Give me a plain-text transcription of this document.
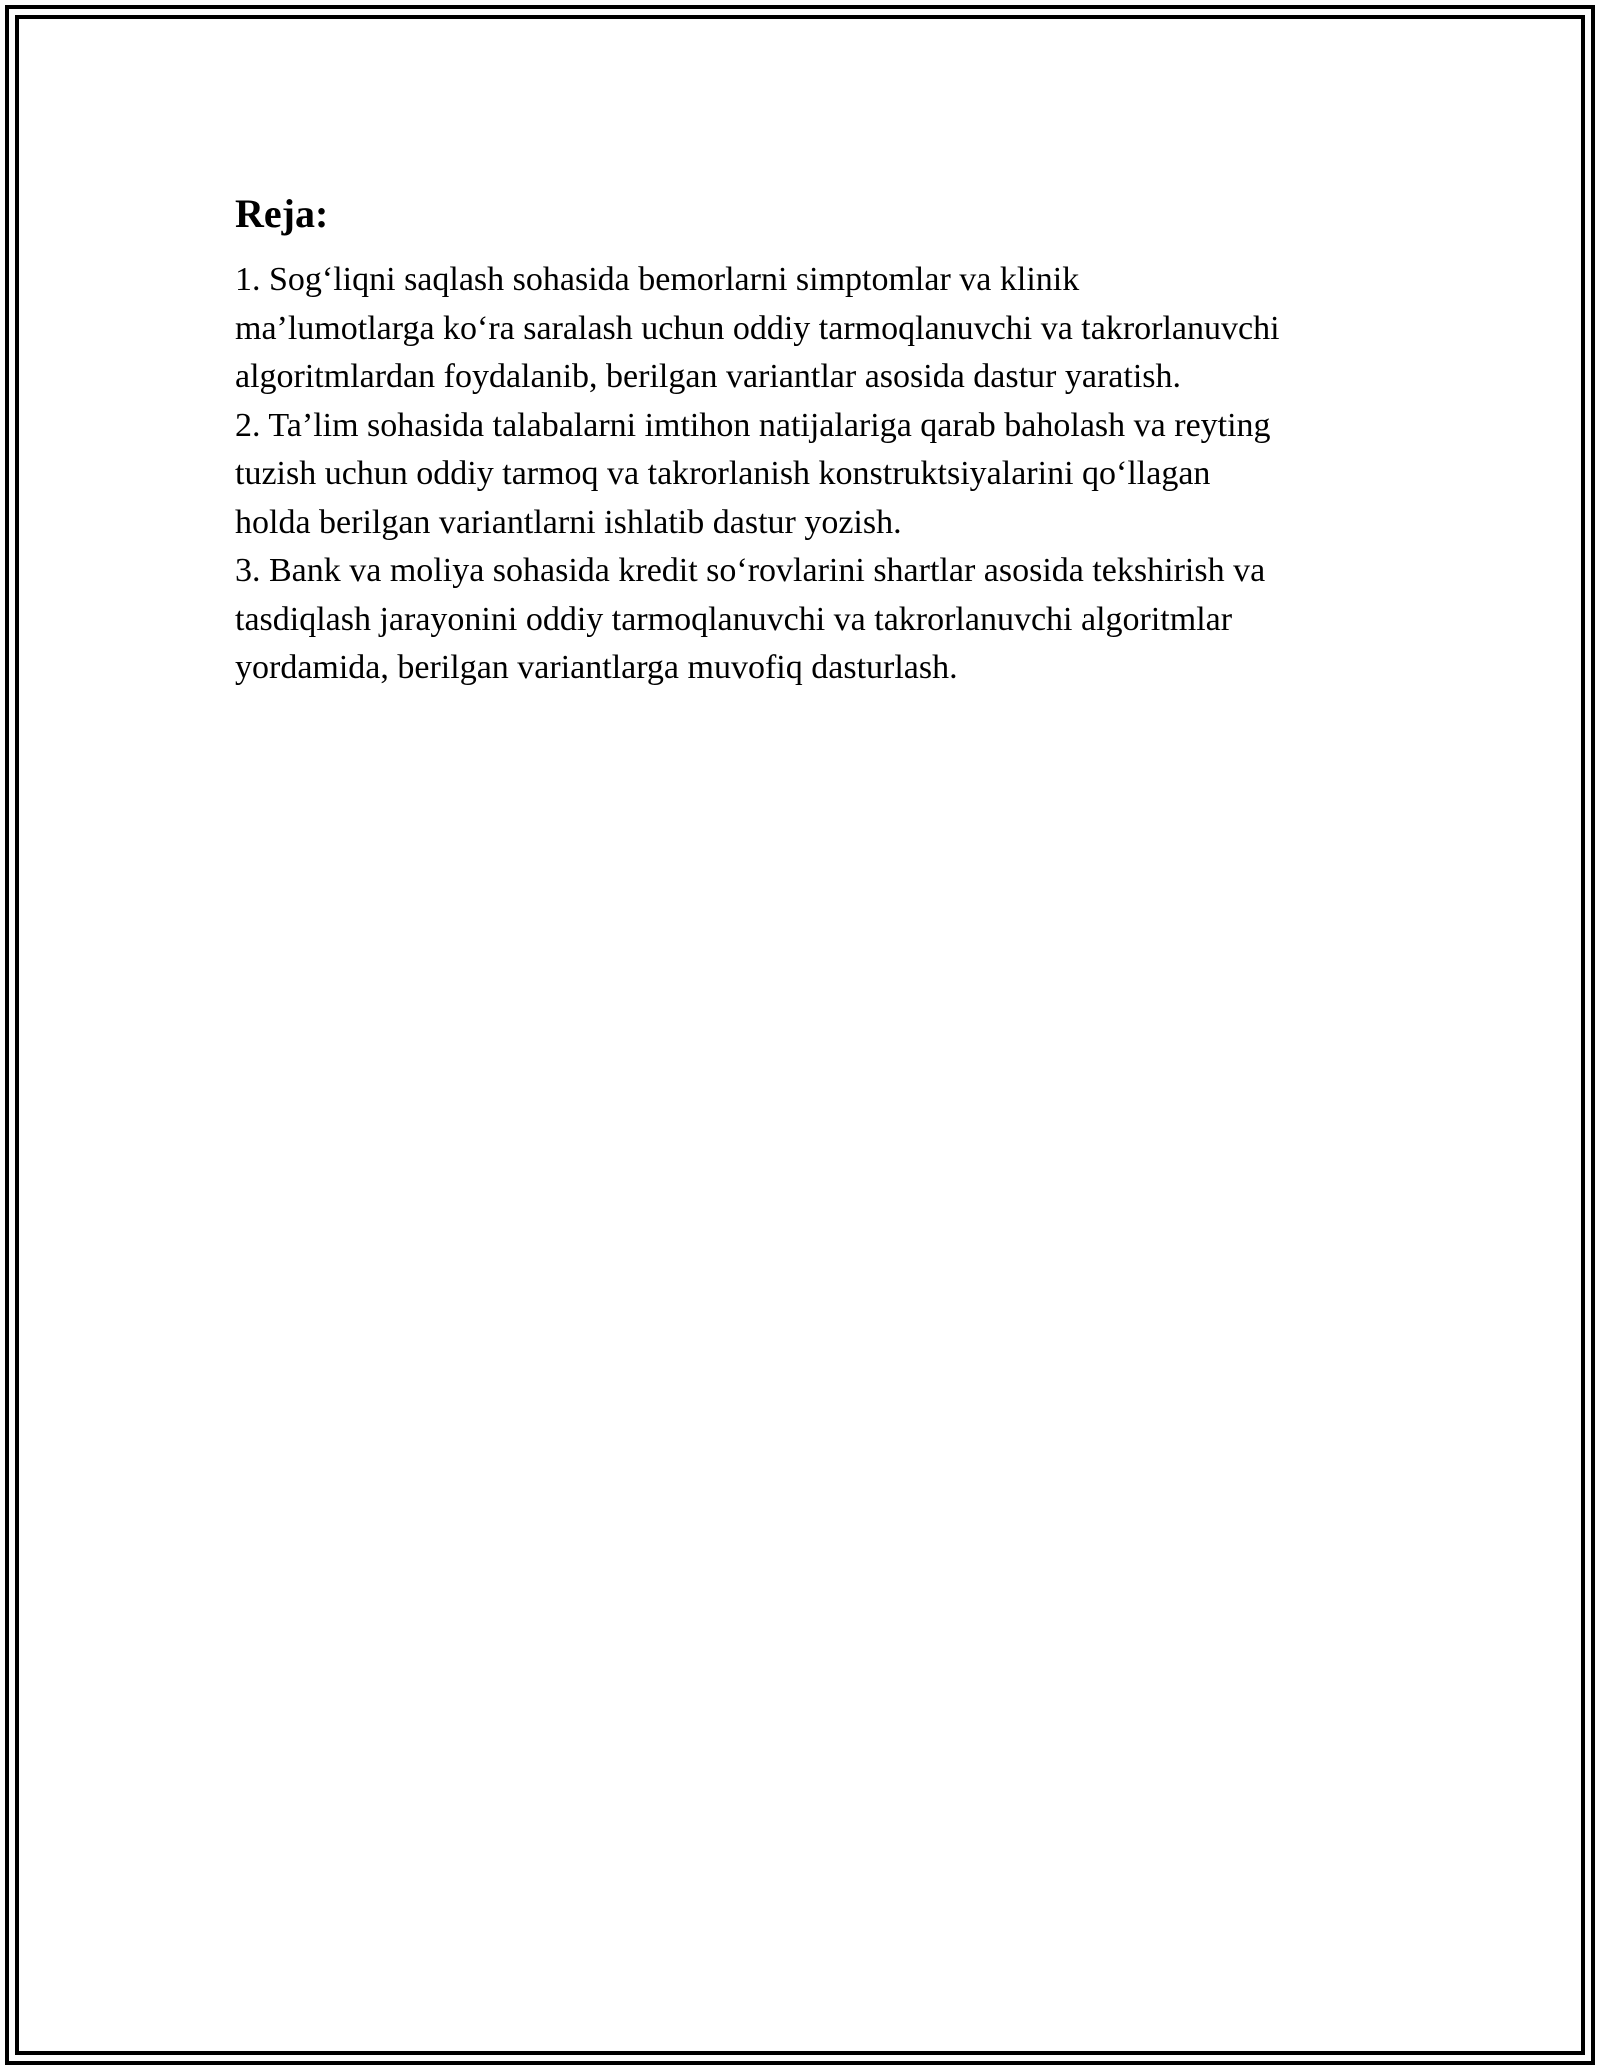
Reja:
1. Sog‘liqni saqlash sohasida bemorlarni simptomlar va klinik
ma’lumotlarga ko‘ra saralash uchun oddiy tarmoqlanuvchi va takrorlanuvchi
algoritmlardan foydalanib, berilgan variantlar asosida dastur yaratish.
2. Ta’lim sohasida talabalarni imtihon natijalariga qarab baholash va reyting
tuzish uchun oddiy tarmoq va takrorlanish konstruktsiyalarini qo‘llagan
holda berilgan variantlarni ishlatib dastur yozish.
3. Bank va moliya sohasida kredit so‘rovlarini shartlar asosida tekshirish va
tasdiqlash jarayonini oddiy tarmoqlanuvchi va takrorlanuvchi algoritmlar
yordamida, berilgan variantlarga muvofiq dasturlash.
